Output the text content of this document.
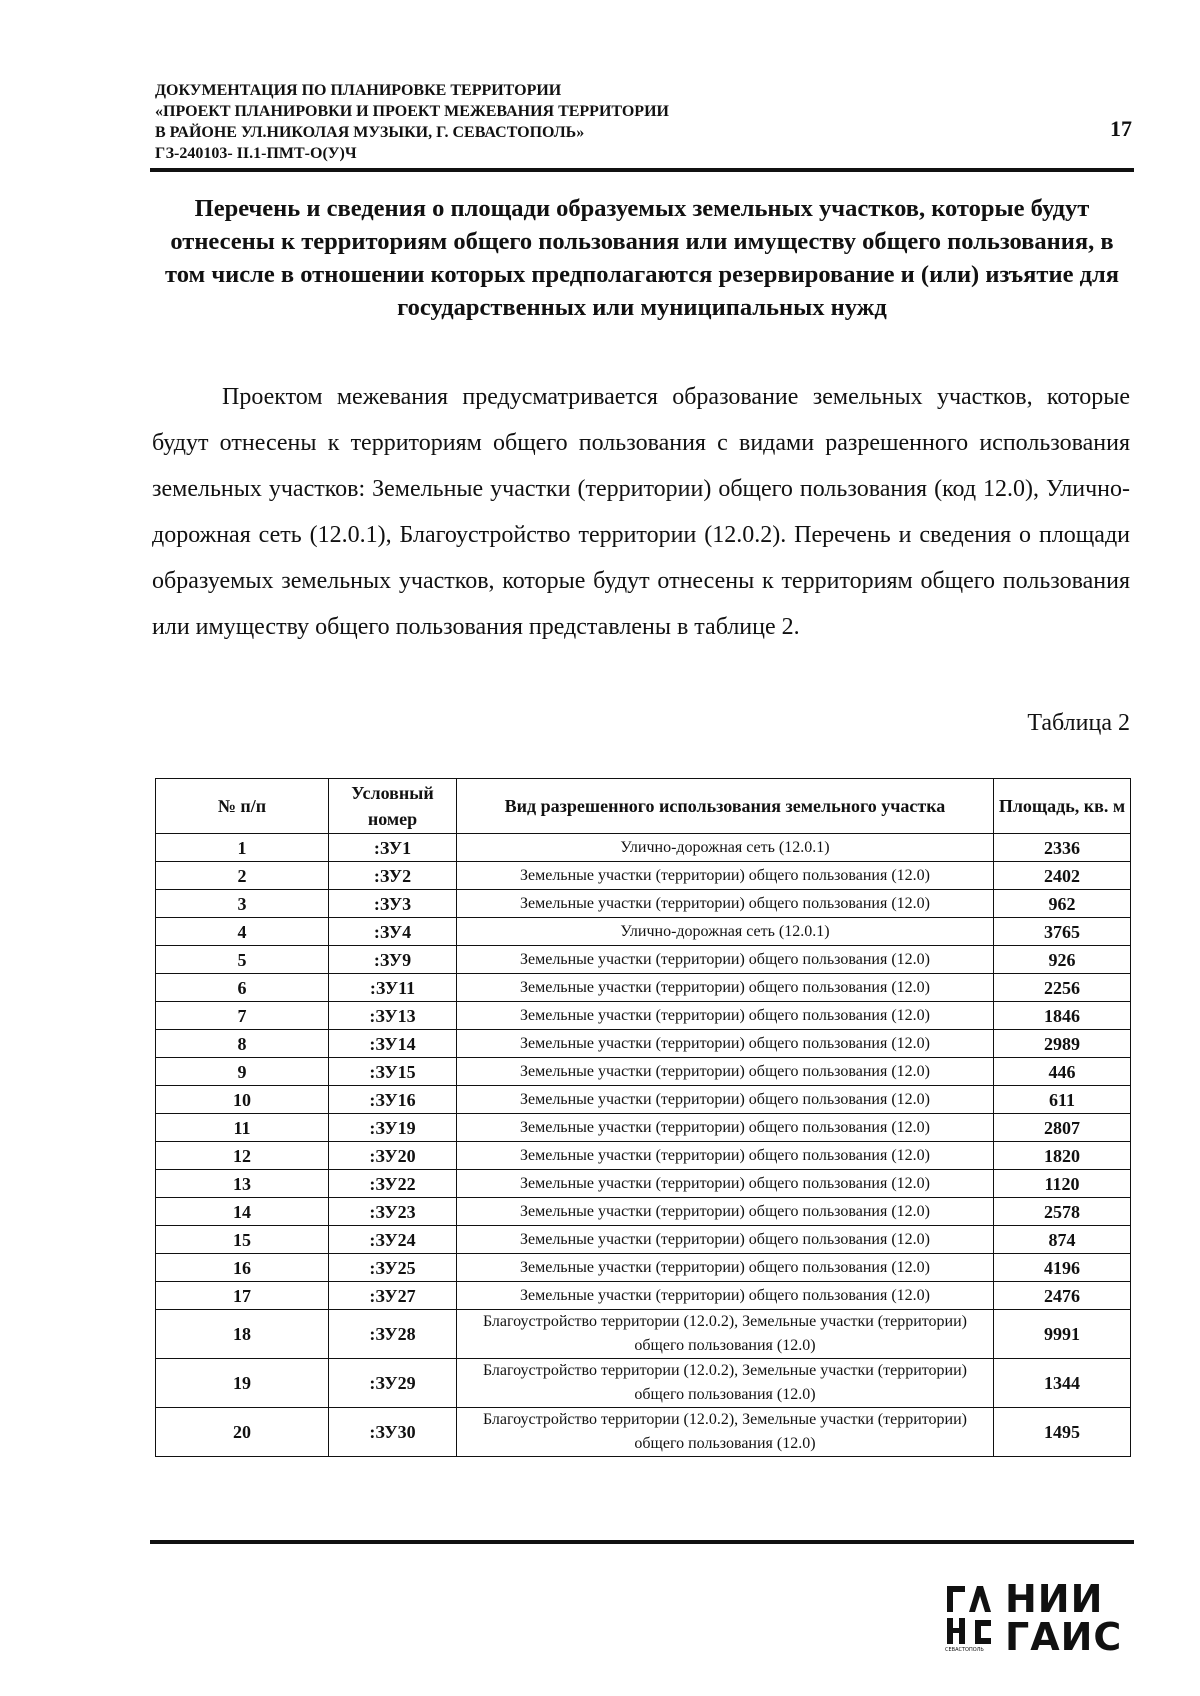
ДОКУМЕНТАЦИЯ ПО ПЛАНИРОВКЕ ТЕРРИТОРИИ
«ПРОЕКТ ПЛАНИРОВКИ И ПРОЕКТ МЕЖЕВАНИЯ ТЕРРИТОРИИ
В РАЙОНЕ УЛ.НИКОЛАЯ МУЗЫКИ, Г. СЕВАСТОПОЛЬ»
ГЗ-240103- II.1-ПМТ-О(У)Ч
17
Перечень и сведения о площади образуемых земельных участков, которые будут отнесены к территориям общего пользования или имуществу общего пользования, в том числе в отношении которых предполагаются резервирование и (или) изъятие для государственных или муниципальных нужд

Проектом межевания предусматривается образование земельных участков, которые будут отнесены к территориям общего пользования с видами разрешенного использования земельных участков: Земельные участки (территории) общего пользования (код 12.0), Улично-дорожная сеть (12.0.1), Благоустройство территории (12.0.2). Перечень и сведения о площади образуемых земельных участков, которые будут отнесены к территориям общего пользования или имуществу общего пользования представлены в таблице 2.

Таблица 2
№ п/п	Условный номер	Вид разрешенного использования земельного участка	Площадь, кв. м
1	:ЗУ1	Улично-дорожная сеть (12.0.1)	2336
2	:ЗУ2	Земельные участки (территории) общего пользования (12.0)	2402
3	:ЗУ3	Земельные участки (территории) общего пользования (12.0)	962
4	:ЗУ4	Улично-дорожная сеть (12.0.1)	3765
5	:ЗУ9	Земельные участки (территории) общего пользования (12.0)	926
6	:ЗУ11	Земельные участки (территории) общего пользования (12.0)	2256
7	:ЗУ13	Земельные участки (территории) общего пользования (12.0)	1846
8	:ЗУ14	Земельные участки (территории) общего пользования (12.0)	2989
9	:ЗУ15	Земельные участки (территории) общего пользования (12.0)	446
10	:ЗУ16	Земельные участки (территории) общего пользования (12.0)	611
11	:ЗУ19	Земельные участки (территории) общего пользования (12.0)	2807
12	:ЗУ20	Земельные участки (территории) общего пользования (12.0)	1820
13	:ЗУ22	Земельные участки (территории) общего пользования (12.0)	1120
14	:ЗУ23	Земельные участки (территории) общего пользования (12.0)	2578
15	:ЗУ24	Земельные участки (территории) общего пользования (12.0)	874
16	:ЗУ25	Земельные участки (территории) общего пользования (12.0)	4196
17	:ЗУ27	Земельные участки (территории) общего пользования (12.0)	2476
18	:ЗУ28	Благоустройство территории (12.0.2), Земельные участки (территории) общего пользования (12.0)	9991
19	:ЗУ29	Благоустройство территории (12.0.2), Земельные участки (территории) общего пользования (12.0)	1344
20	:ЗУ30	Благоустройство территории (12.0.2), Земельные участки (территории) общего пользования (12.0)	1495
СЕВАСТОПОЛЬ
НИИ
ГАИС
